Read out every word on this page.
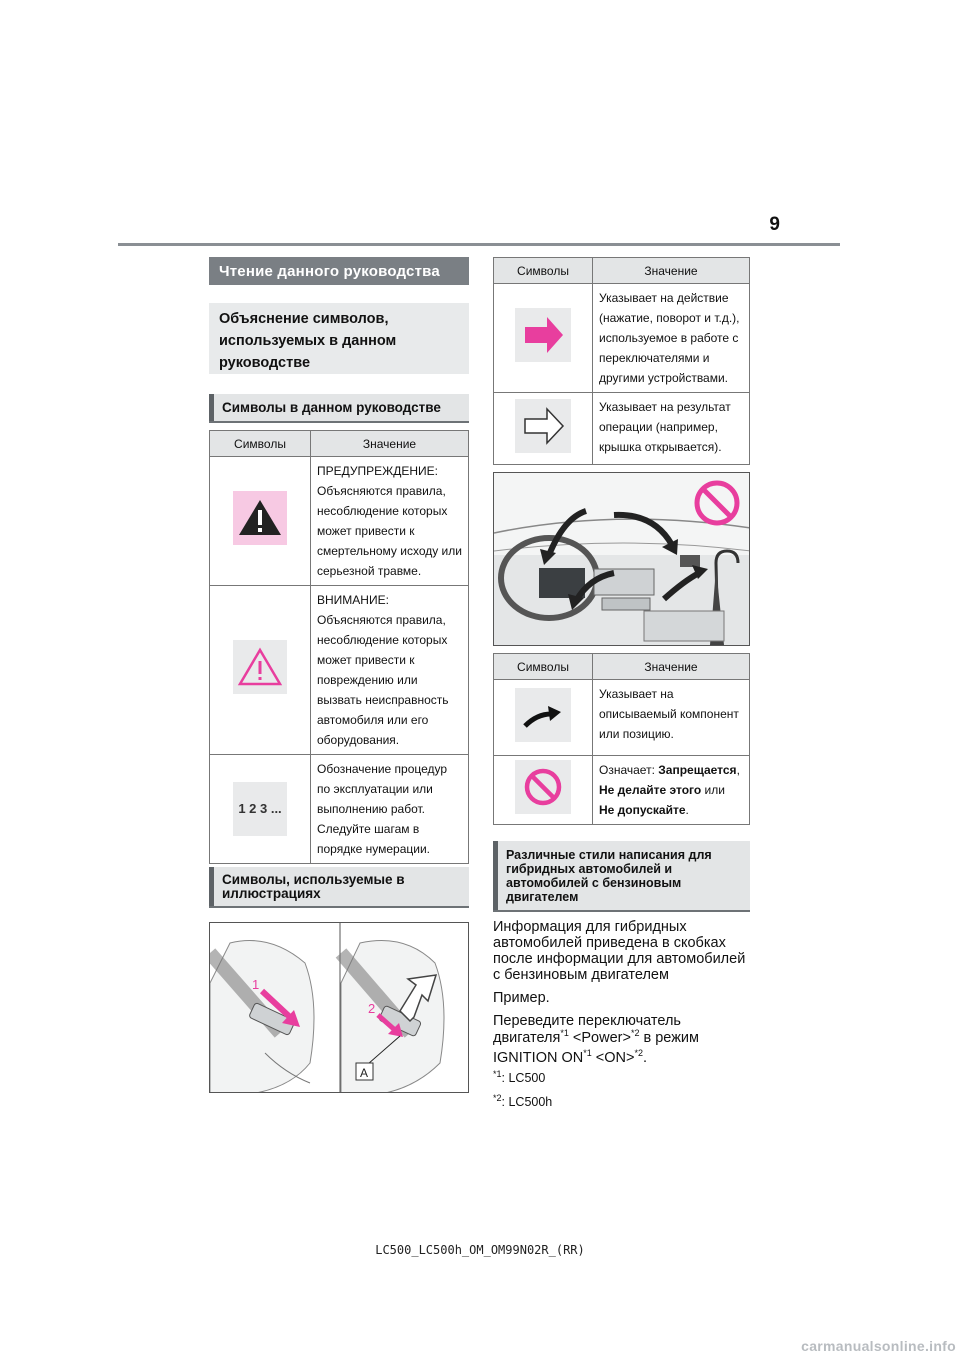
9
Чтение данного руководства
Объяснение символов, используемых в данном руководстве
Символы в данном руководстве
Символы	Значение
	ПРЕДУПРЕЖДЕНИЕ: Объясняются правила, несоблюдение которых может привести к смертельному исходу или серьезной травме.
	ВНИМАНИЕ: Объясняются правила, несоблюдение которых может привести к повреждению или вызвать неисправность автомобиля или его оборудования.
1 2 3 ...	Обозначение процедур по эксплуатации или выполнению работ. Следуйте шагам в порядке нумерации.
Символы, используемые в иллюстрациях
1
2
A
Символы	Значение
	Указывает на действие (нажатие, поворот и т.д.), используемое в работе с переключателями и другими устройствами.
	Указывает на результат операции (например, крышка открывается).
Символы	Значение
	Указывает на описываемый компонент или позицию.
	Означает: Запрещается,
Не делайте этого или
Не допускайте.
Различные стили написания для гибридных автомобилей и автомобилей с бензиновым двигателем
Информация для гибридных автомобилей приведена в скобках после информации для автомобилей с бензиновым двигателем
Пример.
Переведите переключатель
двигателя$^{*1}$ <Power>$^{*2}$ в режим
IGNITION $ON^{*1} <ON>^{*2}$.
$^{*1}$: LC500
$^{*2}$: LC500h
LC500_LC500h_OM_OM99N02R_(RR)
carmanualsonline.info
